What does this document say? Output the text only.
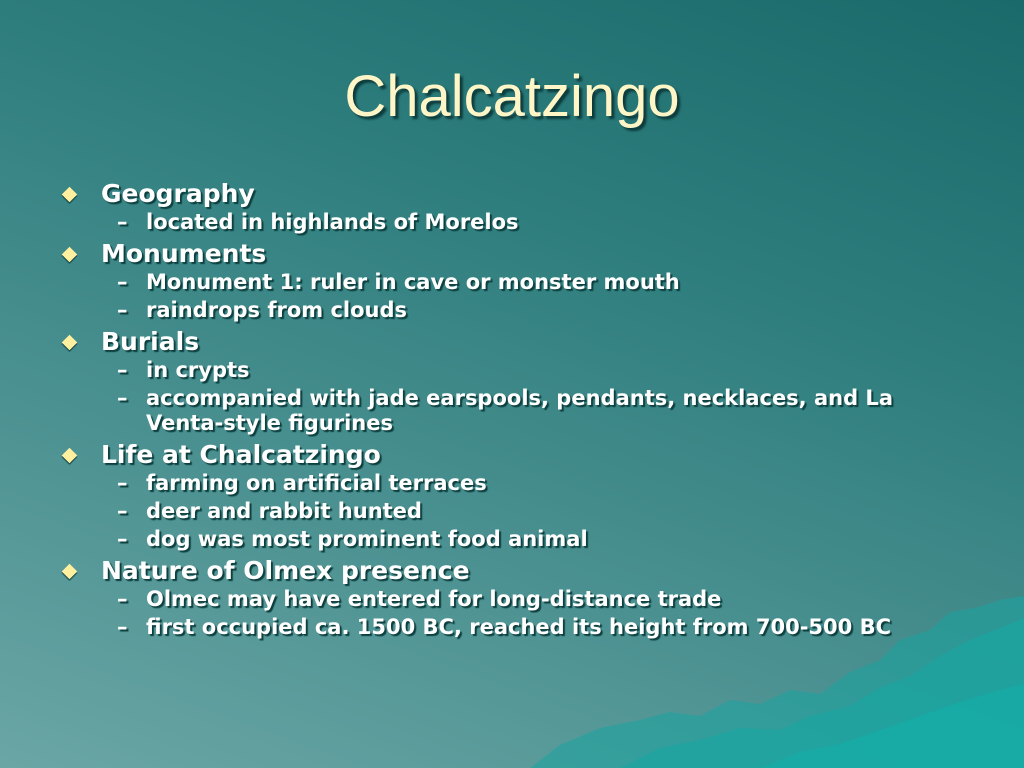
Chalcatzingo
Geography
– located in highlands of Morelos
Monuments
– Monument 1: ruler in cave or monster mouth
– raindrops from clouds
Burials
– in crypts
– accompanied with jade earspools, pendants, necklaces, and La Venta-style figurines
Life at Chalcatzingo
– farming on artificial terraces
– deer and rabbit hunted
– dog was most prominent food animal
Nature of Olmex presence
– Olmec may have entered for long-distance trade
– first occupied ca. 1500 BC, reached its height from 700-500 BC
